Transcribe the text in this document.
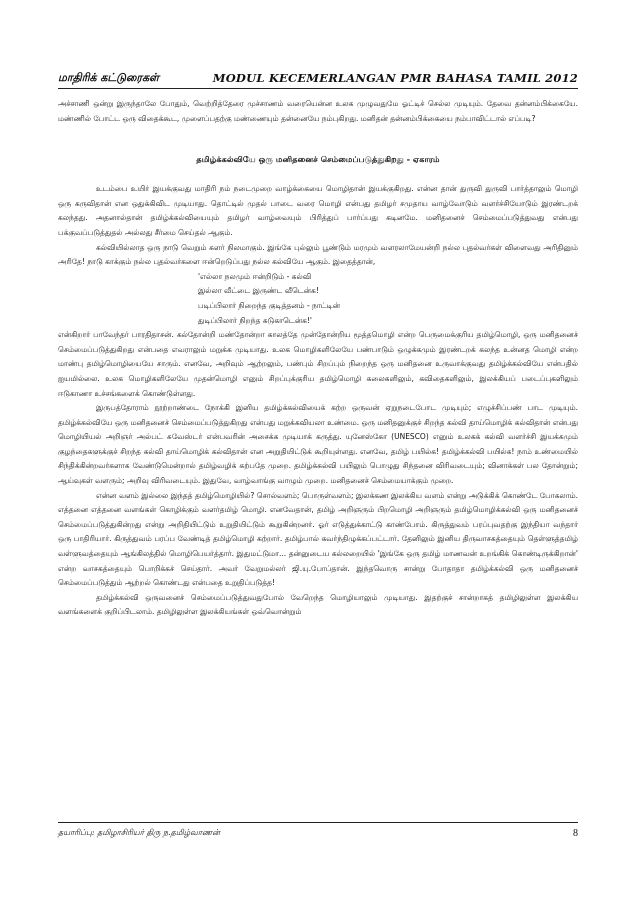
மாதிரிக் கட்டுரைகள்	MODUL KECEMERLANGAN PMR BAHASA TAMIL 2012

அச்சாணி ஒன்று இருந்தாலே போதும், வெற்றித்தேரை முச்சாணம் வரையென்ன உலக முழுவதுமே ஓட்டிச் செல்ல முடியும். தேவை தன்னம்பிக்கையே. மண்ணில் போட்ட ஒரு விதைக்கூட, முளைப்பதற்கு மண்ணையும் தன்னையே நம்புகிறது. மனிதன் தன்னம்பிக்கையை நம்பாவிட்டால் எப்படி?

தமிழ்க்கல்வியே ஒரு மனிதனைச் செம்மைப்படுத்துகிறது - ஏகாரம்

உடம்பை உயிர் இயக்குவது மாதிரி நம் நடைமுறை வாழ்க்கையை மொழிதான் இயக்குகிறது. என்ன தான் துருவி துருவி பார்த்தாலும் மொழி ஒரு கருவிதான் என ஒதுக்கிவிட முடியாது. தொட்டில் முதல் பாடை வரை மொழி என்பது தமிழர் சமுதாய வாழ்வோடும் வளர்ச்சியோடும் இரண்டறக் கலந்தது. அதனால்தான் தமிழ்க்கல்வியையும் தமிழர் வாழ்வையும் பிரித்துப் பார்ப்பது கடினமே. மனிதனைச் செம்மைப்படுத்துவது என்பது பக்குவப்படுத்துதல் அல்லது சீர்மை செய்தல் ஆகும்.

கல்வியில்லாத ஒரு நாடு வெறும் களர் நிலமாகும். இங்கே புல்லும் பூண்டும் மரமும் வளரலாமேயன்றி நல்ல புதல்வர்கள் விளைவது அரிதினும் அரிதே! நாடு காக்கும் நல்ல புதல்வர்களை ஈன்றெடுப்பது நல்ல கல்வியே ஆகும். இதைத்தான்,

'எல்லா நலமும் ஈன்றிடும் - கல்வி
இல்லா வீட்டை இருண்ட வீடென்க!
படிப்பிலார் நிறைந்த குடித்தனம் - நாட்டின்
துடிப்பிலார் நிறந்த சுடுகாடென்க!'

என்கிறார் பாவேந்தர் பாரதிதாசன். கல்தோன்றி மண்தோன்றா காலத்தே முன்தோன்றிய மூத்தமொழி என்ற பெருமைக்குரிய தமிழ்மொழி, ஒரு மனிதனைச் செம்மைப்படுத்துகிறது என்பதை எவராலும் மறுக்க முடியாது. உலக மொழிகளிலேயே பண்பாடும் ஒழுக்கமும் இரண்டறக் கலந்த உன்னத மொழி என்ற மாண்பு தமிழ்மொழியையே சாரும். எனவே, அறிவும் ஆற்றலும், பண்பும் சிறப்பும் நிறைந்த ஒரு மனிதனை உருவாக்குவது தமிழ்க்கல்வியே என்பதில் ஐயமில்லை. உலக மொழிகளிலேயே முதன்மொழி எனும் சிறப்புக்குரிய தமிழ்மொழி கலைகளிலும், கவிதைகளிலும், இலக்கியப் படைப்புகளிலும் ஈடுகாணா உச்சங்களைக் கொண்டுள்ளது.

இருபத்தோராம் நூற்றாண்டை நோக்கி இனிய தமிழ்க்கல்வியைக் கற்ற ஒருவன் ஏறுநடைபோட முடியும்; எழுச்சிப்பண் பாட முடியும். தமிழ்க்கல்வியே ஒரு மனிதனைச் செம்மைப்படுத்துகிறது என்பது மறுக்கவியலா உண்மை. ஒரு மனிதனுக்குச் சிறந்த கல்வி தாய்மொழிக் கல்விதான் என்பது மொழியியல் அறிஞர் அல்பட் சுவேஸ்டர் என்பவரின் அசைக்க முடியாக் கருத்து. யுனேஸ்கோ (UNESCO) எனும் உலகக் கல்வி வளர்ச்சி இயக்கமும் குழந்தைகளுக்குச் சிறந்த கல்வி தாய்மொழிக் கல்விதான் என அறுதியிட்டுக் கூறியுள்ளது. எனவே, தமிழ் பயில்க! தமிழ்க்கல்வி பயில்க! நாம் உண்மையில் சிந்திக்கின்றவர்களாக வேண்டுமென்றால் தமிழ்வழிக் கற்பதே முறை. தமிழ்க்கல்வி பயிலும் பொழுது சிந்தனை விரிவடையும்; வினாக்கள் பல தோன்றும்; ஆய்வுகள் வளரும்; அறிவு விரிவடையும். இதுவே, வாழ்வாங்கு வாழும் முறை. மனிதனைச் செம்மையாக்கும் முறை.

என்ன வளம் இல்லை இந்தத் தமிழ்மொழியில்? சொல்வளம்; பொருள்வளம்; இலக்கண இலக்கிய வளம் என்று அடுக்கிக் கொண்டே போகலாம். எத்தனை எத்தனை வளங்கள் கொழிக்கும் வளர்தமிழ் மொழி. எனவேதான், தமிழ் அறிஞரும் பிறமொழி அறிஞரும் தமிழ்மொழிக்கல்வி ஒரு மனிதனைச் செம்மைப்படுத்துகின்றது என்று அறிதியிட்டும் உறுதியிட்டும் கூறுகின்றனர். ஓர் எடுத்துக்காட்டு காண்போம். கிருத்துவம் பரப்புவதற்கு இந்தியா வந்தார் ஒரு பாதிரியார். கிருத்துவம் பரப்ப வேண்டித் தமிழ்மொழி கற்றார். தமிழ்பால் கவர்ந்திழுக்கப்பட்டார். தேனிலும் இனிய திருவாசகத்தையும் தெள்ளுத்தமிழ் வள்ளுவத்தையும் ஆங்கிலத்தில் மொழிபெயர்த்தார். இதுமட்டுமா... தன்னுடைய கல்லறையில் 'இங்கே ஒரு தமிழ் மாணவன் உறங்கிக் கொண்டிருக்கிறான்' என்ற வாசகத்தையும் பொறிக்கச் செய்தார். அவர் வேறுமல்லர் ஜி.யு.போப்தான். இந்தவொரு சான்று போதாதா தமிழ்க்கல்வி ஒரு மனிதனைச் செம்மைப்படுத்தும் ஆற்றல் கொண்டது என்பதை உறுதிப்படுத்த!

தமிழ்க்கல்வி ஒருவனைச் செம்மைப்படுத்துவதுபோல் வேறெந்த மொழியாலும் முடியாது. இதற்குச் சான்றாகத் தமிழிலுள்ள இலக்கிய வளங்களைக் குறிப்பிடலாம். தமிழிலுள்ள இலக்கியங்கள் ஒவ்வொன்றும்

தயாரிப்பு: தமிழாசிரியர் திரு ந.தமிழ்வாணன்	8
